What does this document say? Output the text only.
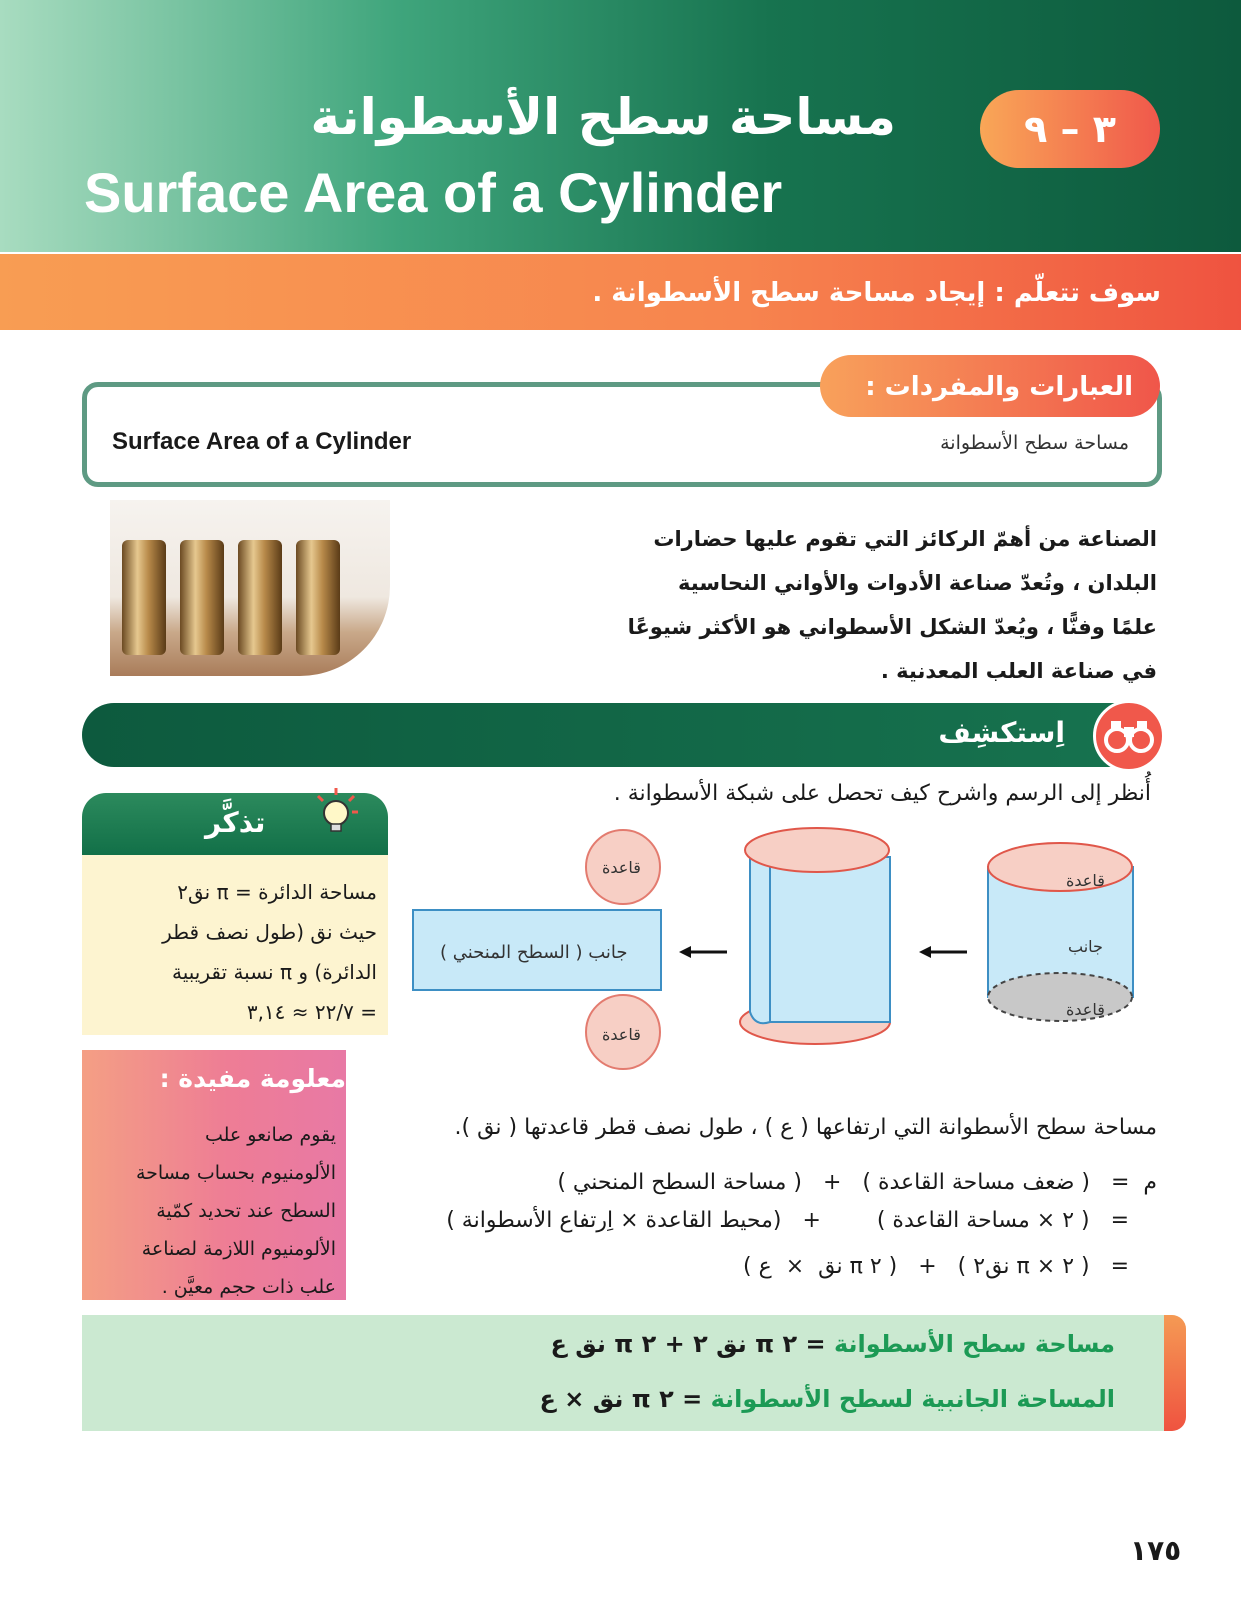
مساحة سطح الأسطوانة
Surface Area of a Cylinder
٣ – ٩
سوف تتعلّم : إيجاد مساحة سطح الأسطوانة .
العبارات والمفردات :
Surface Area of a Cylinder	مساحة سطح الأسطوانة
الصناعة من أهمّ الركائز التي تقوم عليها حضارات
البلدان ، وتُعدّ صناعة الأدوات والأواني النحاسية
علمًا وفنًّا ، ويُعدّ الشكل الأسطواني هو الأكثر شيوعًا
في صناعة العلب المعدنية .
اِستكشِف
أُنظر إلى الرسم واشرح كيف تحصل على شبكة الأسطوانة .
تذكَّر
مساحة الدائرة = π نق٢
حيث نق (طول نصف قطر
الدائرة) و π نسبة تقريبية
= ٢٢/٧ ≈ ٣,١٤
معلومة مفيدة :
يقوم صانعو علب
الألومنيوم بحساب مساحة
السطح عند تحديد كمّية
الألومنيوم اللازمة لصناعة
علب ذات حجم معيَّن .
قاعدة
قاعدة
جانب ( السطح المنحني )
قاعدة
جانب
قاعدة
مساحة سطح الأسطوانة التي ارتفاعها ( ع ) ، طول نصف قطر قاعدتها ( نق ).
م  =   ( ضعف مساحة القاعدة )   +   ( مساحة السطح المنحني )
=   ( ٢ × مساحة القاعدة )        +   (محيط القاعدة × اِرتفاع الأسطوانة )
=   ( ٢ × π نق٢ )   +   ( ٢ π نق  ×  ع )
مساحة سطح الأسطوانة = ٢ π نق ٢ + ٢ π نق ع
المساحة الجانبية لسطح الأسطوانة = ٢ π نق × ع
١٧٥
